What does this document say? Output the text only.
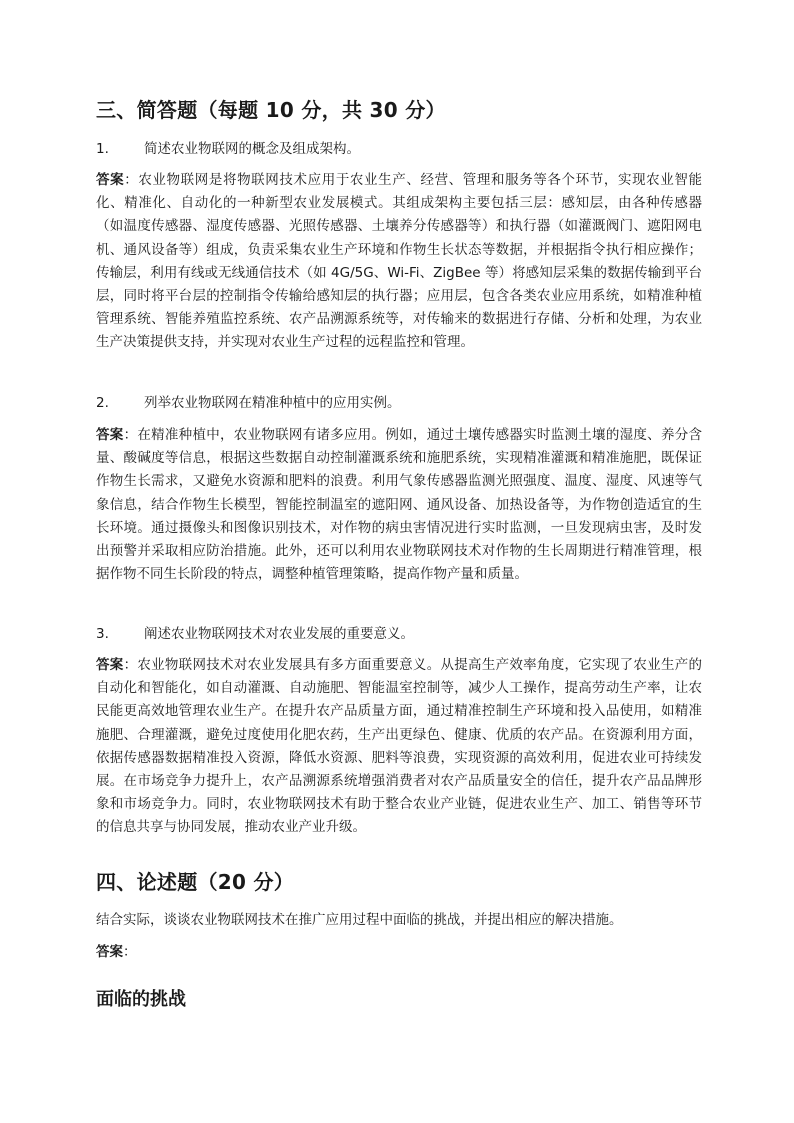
三、简答题（每题 10 分，共 30 分）
1.	简述农业物联网的概念及组成架构。
答案：农业物联网是将物联网技术应用于农业生产、经营、管理和服务等各个环节，实现农业智能化、精准化、自动化的一种新型农业发展模式。其组成架构主要包括三层：感知层，由各种传感器（如温度传感器、湿度传感器、光照传感器、土壤养分传感器等）和执行器（如灌溉阀门、遮阳网电机、通风设备等）组成，负责采集农业生产环境和作物生长状态等数据，并根据指令执行相应操作；传输层，利用有线或无线通信技术（如 4G/5G、Wi-Fi、ZigBee 等）将感知层采集的数据传输到平台层，同时将平台层的控制指令传输给感知层的执行器；应用层，包含各类农业应用系统，如精准种植管理系统、智能养殖监控系统、农产品溯源系统等，对传输来的数据进行存储、分析和处理，为农业生产决策提供支持，并实现对农业生产过程的远程监控和管理。
2.	列举农业物联网在精准种植中的应用实例。
答案：在精准种植中，农业物联网有诸多应用。例如，通过土壤传感器实时监测土壤的湿度、养分含量、酸碱度等信息，根据这些数据自动控制灌溉系统和施肥系统，实现精准灌溉和精准施肥，既保证作物生长需求，又避免水资源和肥料的浪费。利用气象传感器监测光照强度、温度、湿度、风速等气象信息，结合作物生长模型，智能控制温室的遮阳网、通风设备、加热设备等，为作物创造适宜的生长环境。通过摄像头和图像识别技术，对作物的病虫害情况进行实时监测，一旦发现病虫害，及时发出预警并采取相应防治措施。此外，还可以利用农业物联网技术对作物的生长周期进行精准管理，根据作物不同生长阶段的特点，调整种植管理策略，提高作物产量和质量。
3.	阐述农业物联网技术对农业发展的重要意义。
答案：农业物联网技术对农业发展具有多方面重要意义。从提高生产效率角度，它实现了农业生产的自动化和智能化，如自动灌溉、自动施肥、智能温室控制等，减少人工操作，提高劳动生产率，让农民能更高效地管理农业生产。在提升农产品质量方面，通过精准控制生产环境和投入品使用，如精准施肥、合理灌溉，避免过度使用化肥农药，生产出更绿色、健康、优质的农产品。在资源利用方面，依据传感器数据精准投入资源，降低水资源、肥料等浪费，实现资源的高效利用，促进农业可持续发展。在市场竞争力提升上，农产品溯源系统增强消费者对农产品质量安全的信任，提升农产品品牌形象和市场竞争力。同时，农业物联网技术有助于整合农业产业链，促进农业生产、加工、销售等环节的信息共享与协同发展，推动农业产业升级。
四、论述题（20 分）
结合实际，谈谈农业物联网技术在推广应用过程中面临的挑战，并提出相应的解决措施。
答案：
面临的挑战
